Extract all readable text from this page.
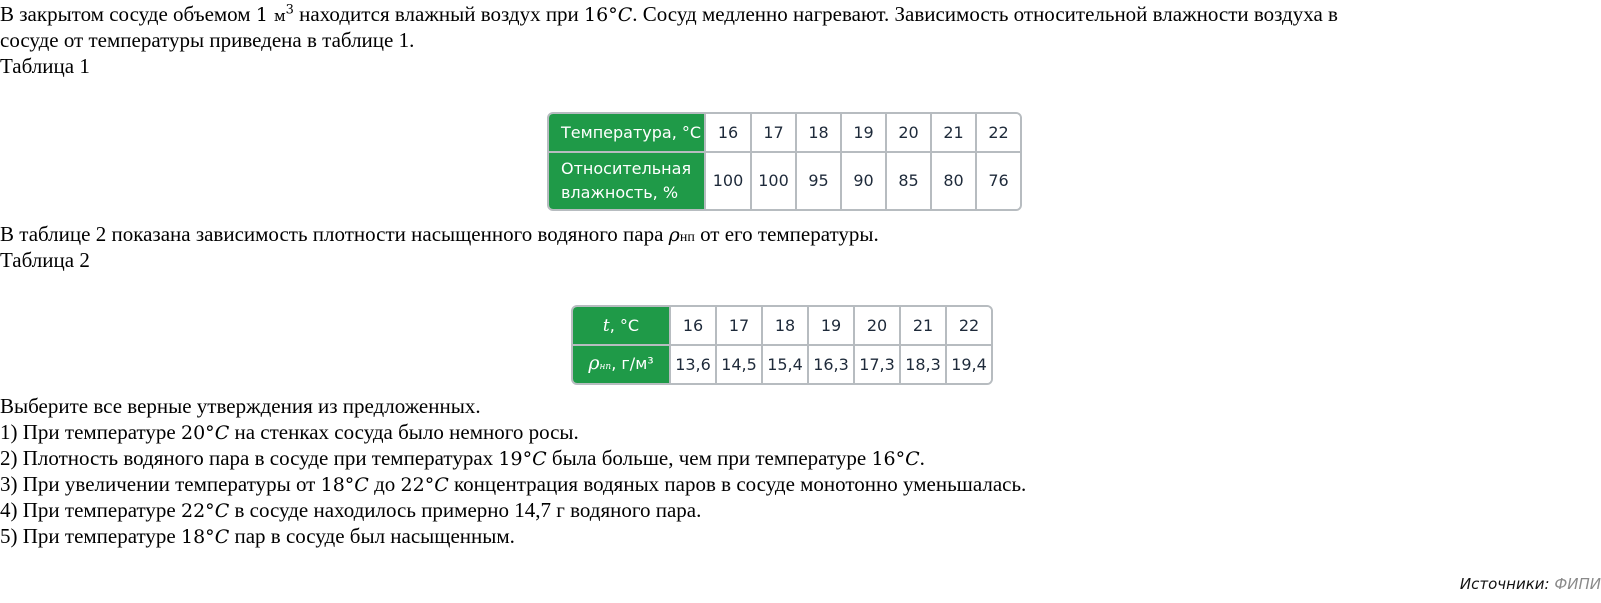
В закрытом сосуде объемом 1 $м^3$ находится влажный воздух при 16°C. Сосуд медленно нагревают. Зависимость относительной влажности воздуха в
сосуде от температуры приведена в таблице 1.
Таблица 1
Температура, °C	16	17	18	19	20	21	22
Относительная влажность, %	100	100	95	90	85	80	76
В таблице 2 показана зависимость плотности насыщенного водяного пара ρнп от его температуры.
Таблица 2
t, °C	16	17	18	19	20	21	22
ρнп, г/м³	13,6	14,5	15,4	16,3	17,3	18,3	19,4
Выберите все верные утверждения из предложенных.
1) При температуре 20°C на стенках сосуда было немного росы.
2) Плотность водяного пара в сосуде при температурах 19°C была больше, чем при температуре 16°C.
3) При увеличении температуры от 18°C до 22°C концентрация водяных паров в сосуде монотонно уменьшалась.
4) При температуре 22°C в сосуде находилось примерно 14,7 г водяного пара.
5) При температуре 18°C пар в сосуде был насыщенным.
Источники: ФИПИ
